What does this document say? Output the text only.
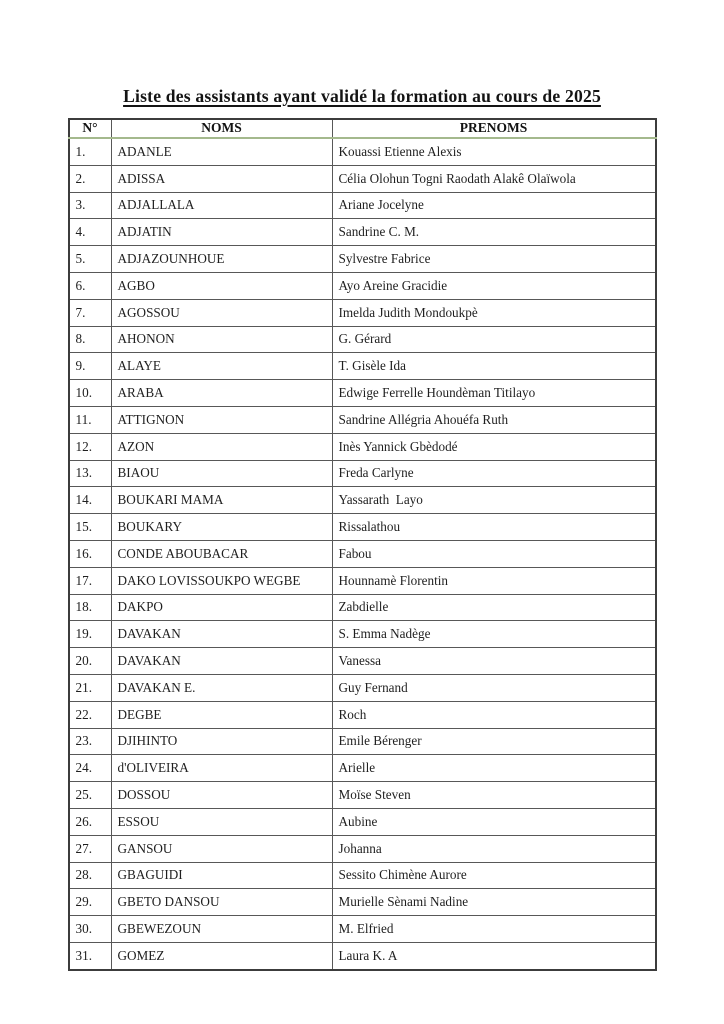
Liste des assistants ayant validé la formation au cours de 2025
N°	NOMS	PRENOMS
1.	ADANLE	Kouassi Etienne Alexis
2.	ADISSA	Célia Olohun Togni Raodath Alakê Olaïwola
3.	ADJALLALA	Ariane Jocelyne
4.	ADJATIN	Sandrine C. M.
5.	ADJAZOUNHOUE	Sylvestre Fabrice
6.	AGBO	Ayo Areine Gracidie
7.	AGOSSOU	Imelda Judith Mondoukpè
8.	AHONON	G. Gérard
9.	ALAYE	T. Gisèle Ida
10.	ARABA	Edwige Ferrelle Houndèman Titilayo
11.	ATTIGNON	Sandrine Allégria Ahouéfa Ruth
12.	AZON	Inès Yannick Gbèdodé
13.	BIAOU	Freda Carlyne
14.	BOUKARI MAMA	Yassarath  Layo
15.	BOUKARY	Rissalathou
16.	CONDE ABOUBACAR	Fabou
17.	DAKO LOVISSOUKPO WEGBE	Hounnamè Florentin
18.	DAKPO	Zabdielle
19.	DAVAKAN	S. Emma Nadège
20.	DAVAKAN	Vanessa
21.	DAVAKAN E.	Guy Fernand
22.	DEGBE	Roch
23.	DJIHINTO	Emile Bérenger
24.	d'OLIVEIRA	Arielle
25.	DOSSOU	Moïse Steven
26.	ESSOU	Aubine
27.	GANSOU	Johanna
28.	GBAGUIDI	Sessito Chimène Aurore
29.	GBETO DANSOU	Murielle Sènami Nadine
30.	GBEWEZOUN	M. Elfried
31.	GOMEZ	Laura K. A
